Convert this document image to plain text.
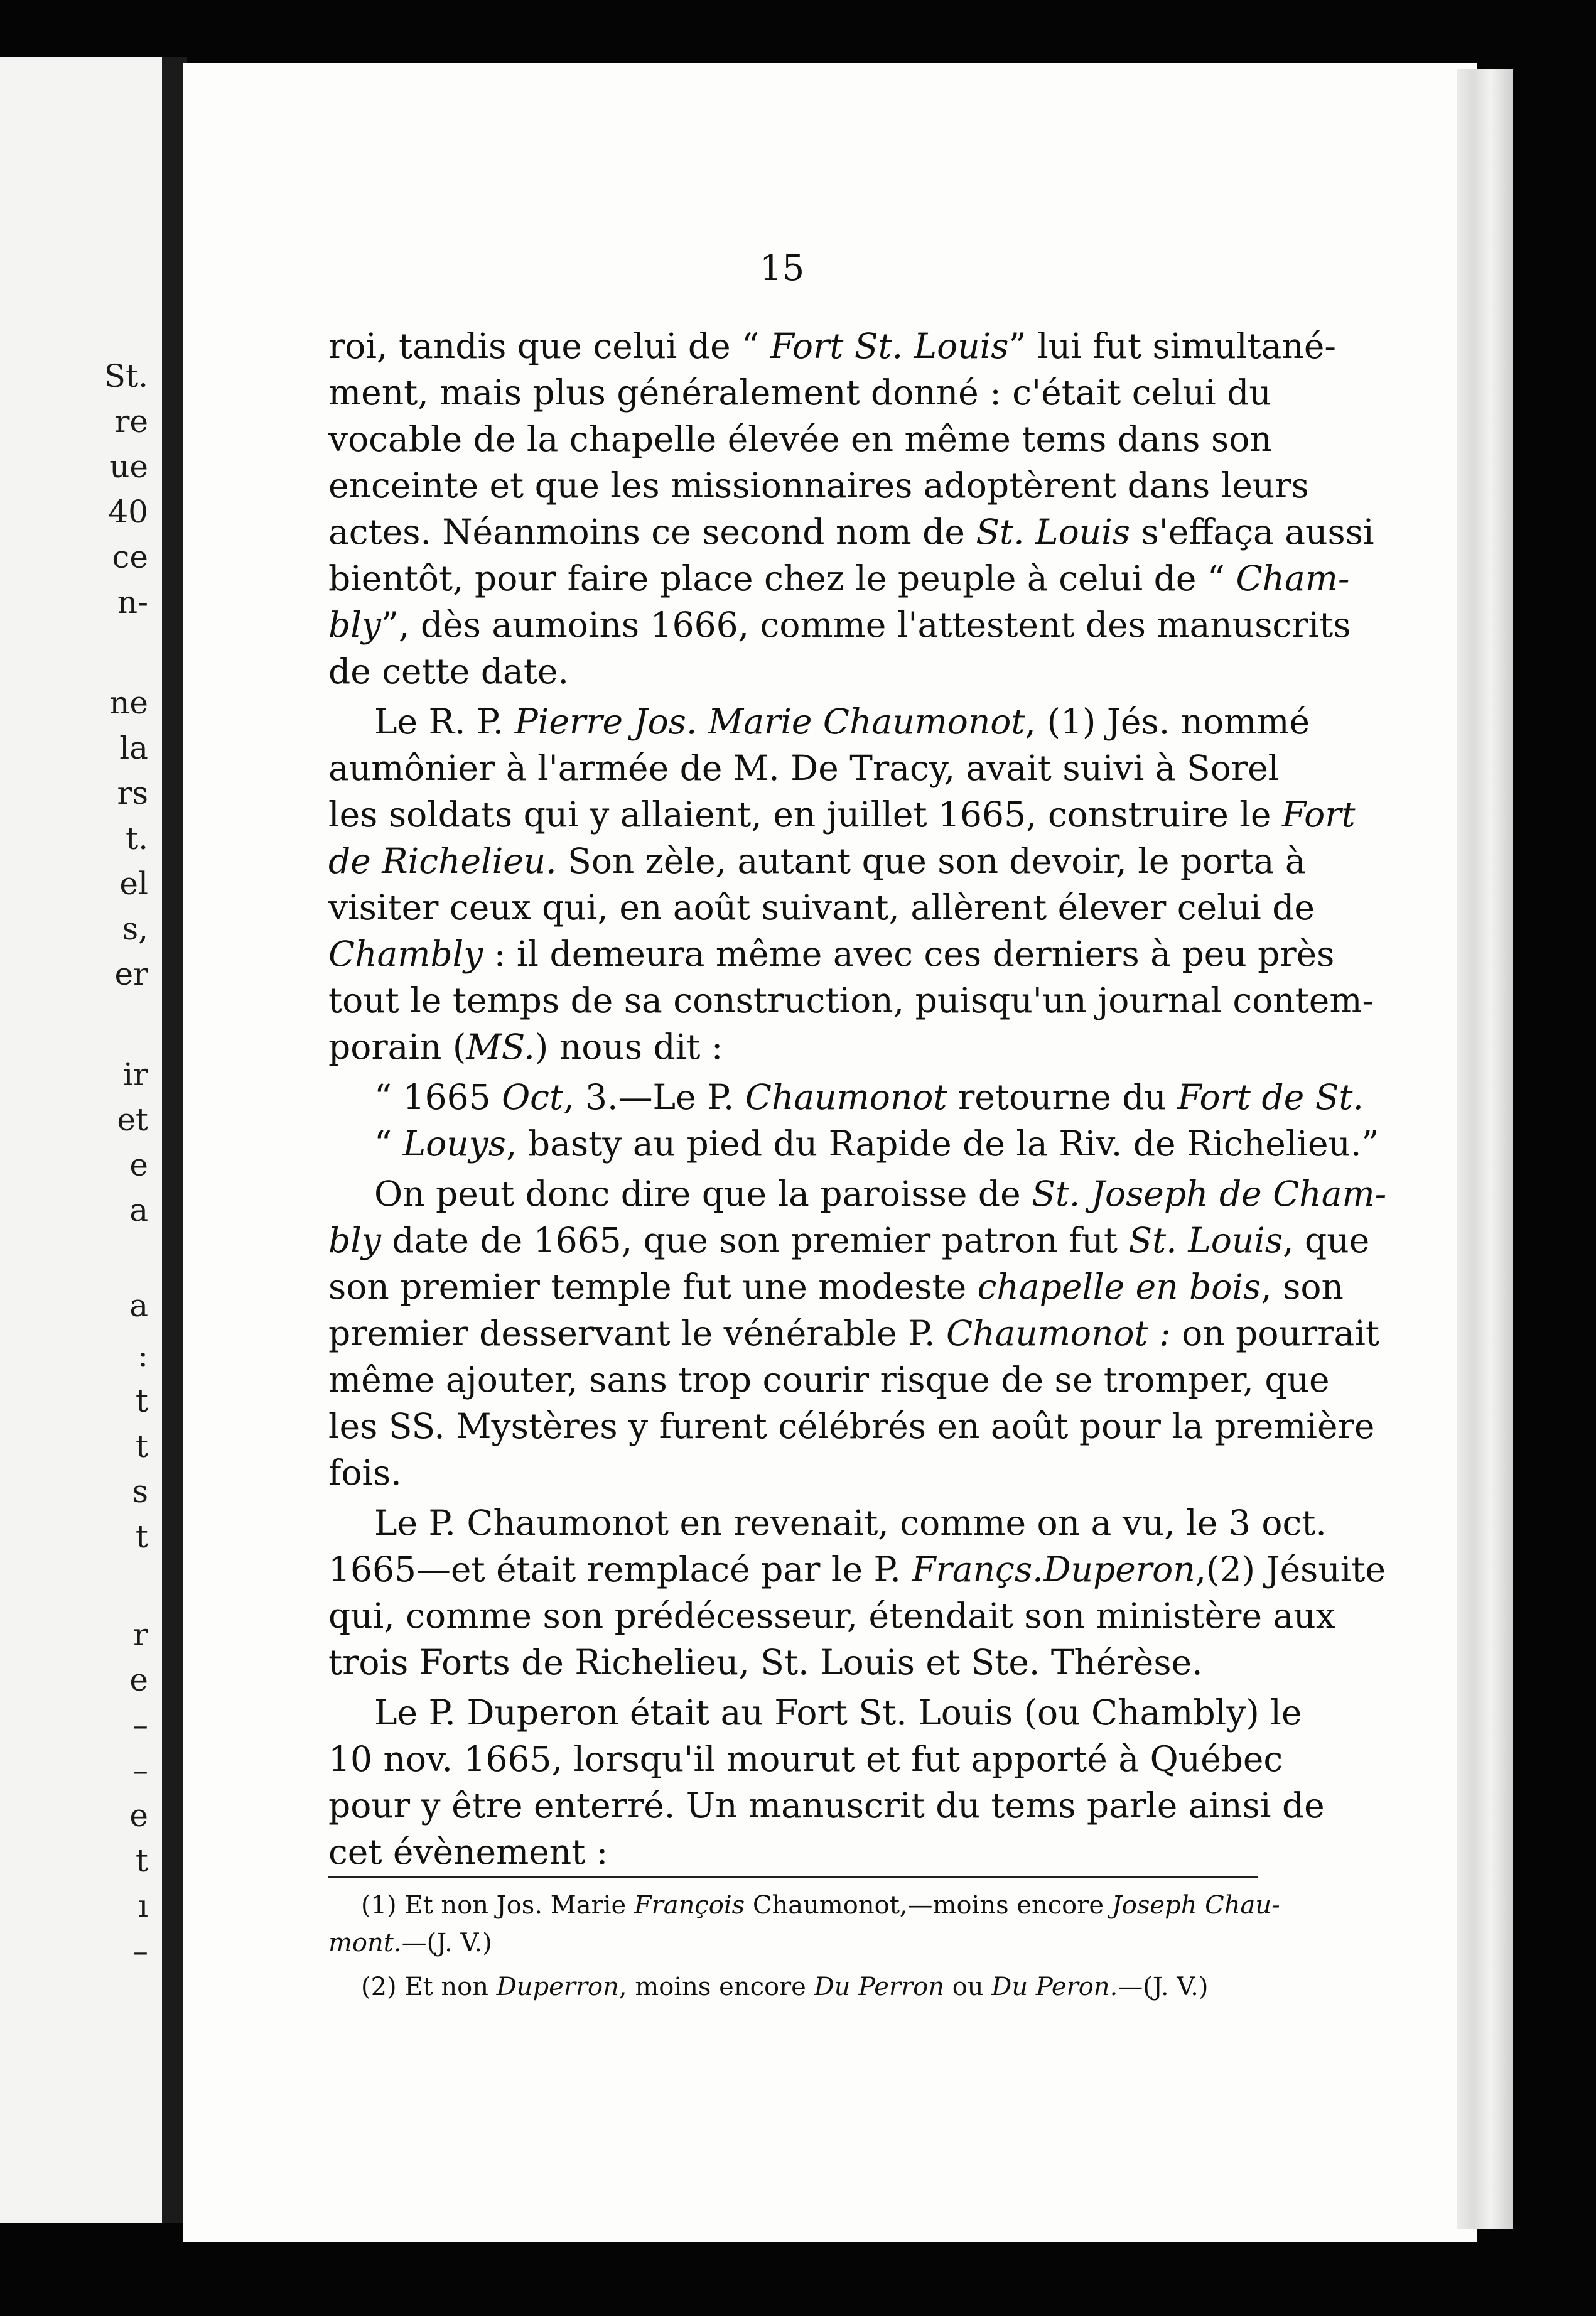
St.
re
ue
40
ce
n-
ne
la
rs
t.
el
s,
er
ir
et
e
a
a
:
t
t
s
t
r
e
–
–
e
t
ı
–
15
roi, tandis que celui de “ Fort St. Louis” lui fut simultané-
ment, mais plus généralement donné : c'était celui du
vocable de la chapelle élevée en même tems dans son
enceinte et que les missionnaires adoptèrent dans leurs
actes. Néanmoins ce second nom de St. Louis s'effaça aussi
bientôt, pour faire place chez le peuple à celui de “ Cham-
bly”, dès aumoins 1666, comme l'attestent des manuscrits
de cette date.
Le R. P. Pierre Jos. Marie Chaumonot, (1) Jés. nommé
aumônier à l'armée de M. De Tracy, avait suivi à Sorel
les soldats qui y allaient, en juillet 1665, construire le Fort
de Richelieu. Son zèle, autant que son devoir, le porta à
visiter ceux qui, en août suivant, allèrent élever celui de
Chambly : il demeura même avec ces derniers à peu près
tout le temps de sa construction, puisqu'un journal contem-
porain (MS.) nous dit :
“ 1665 Oct, 3.—Le P. Chaumonot retourne du Fort de St.
“ Louys, basty au pied du Rapide de la Riv. de Richelieu.”
On peut donc dire que la paroisse de St. Joseph de Cham-
bly date de 1665, que son premier patron fut St. Louis, que
son premier temple fut une modeste chapelle en bois, son
premier desservant le vénérable P. Chaumonot : on pourrait
même ajouter, sans trop courir risque de se tromper, que
les SS. Mystères y furent célébrés en août pour la première
fois.
Le P. Chaumonot en revenait, comme on a vu, le 3 oct.
1665—et était remplacé par le P. Françs.Duperon,(2) Jésuite
qui, comme son prédécesseur, étendait son ministère aux
trois Forts de Richelieu, St. Louis et Ste. Thérèse.
Le P. Duperon était au Fort St. Louis (ou Chambly) le
10 nov. 1665, lorsqu'il mourut et fut apporté à Québec
pour y être enterré. Un manuscrit du tems parle ainsi de
cet évènement :
(1) Et non Jos. Marie François Chaumonot,—moins encore Joseph Chau-
mont.—(J. V.)
(2) Et non Duperron, moins encore Du Perron ou Du Peron.—(J. V.)
